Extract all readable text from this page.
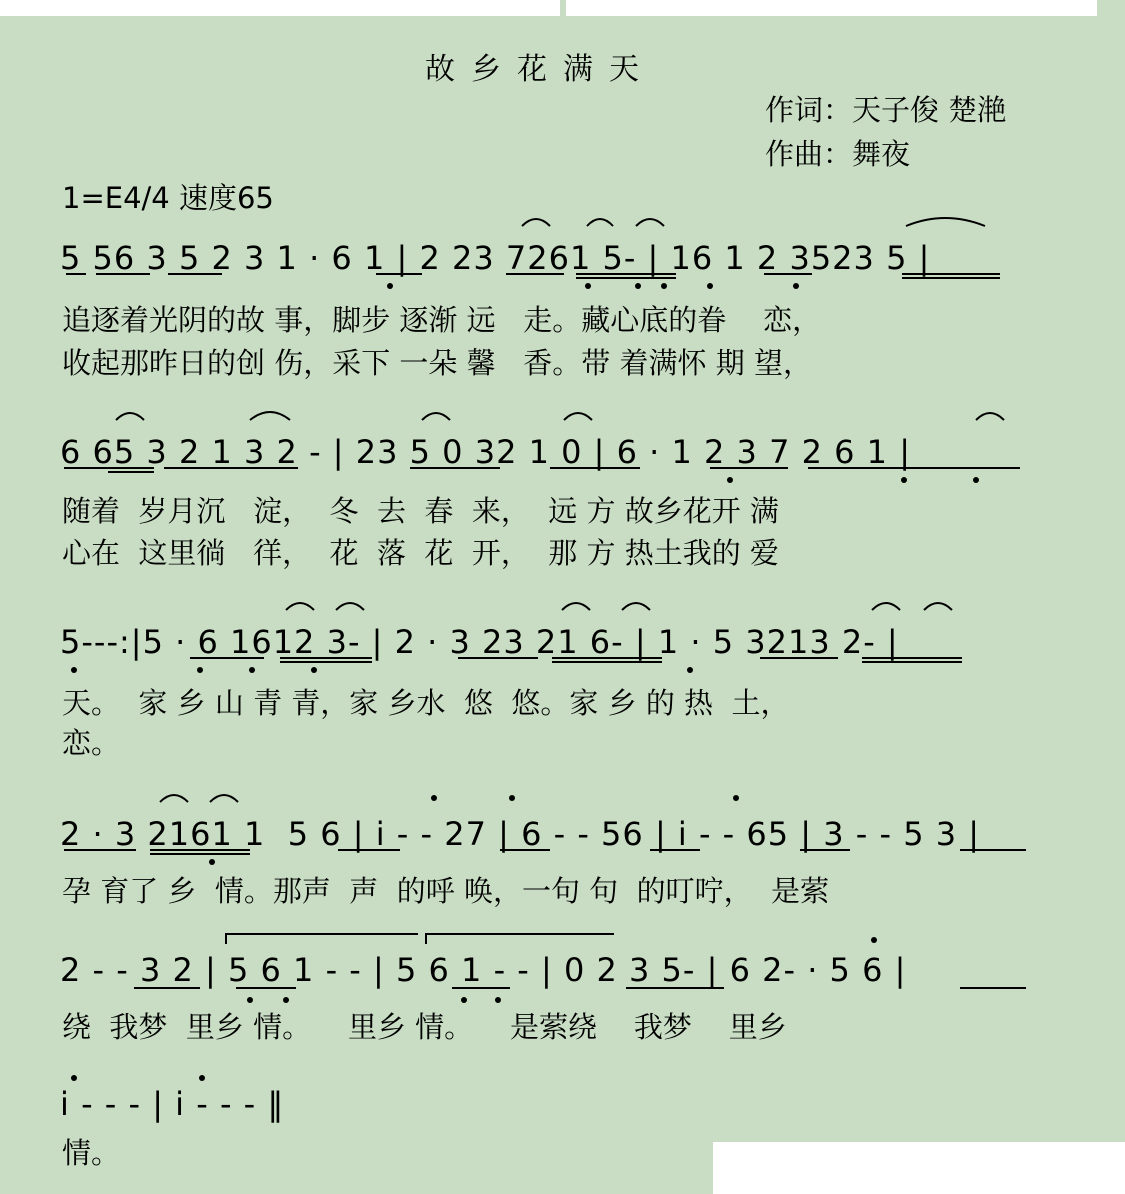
故乡花满天
作词：天子俊 楚滟
作曲：舞夜
1=E4/4 速度65
5 56 3 5 2 3 1 · 6 1 | 2 23 7261 5- | 16 1 2 3523 5 |
追逐着光阴的故 事，脚步 逐渐 远   走。藏心底的眷    恋，
收起那昨日的创 伤，采下 一朵 馨   香。带 着满怀 期 望，
6 65 3 2 1 3 2 - | 23 5 0 32 1 0 | 6 · 1 2 3 7 2 6 1 |
随着  岁月沉   淀，  冬  去  春  来，  远 方 故乡花开 满
心在  这里徜   徉，  花  落  花  开，  那 方 热土我的 爱
5---:|5 · 6 1612 3- | 2 · 3 23 21 6- | 1 · 5 3213 2- |
天。  家 乡 山 青 青，家 乡水  悠  悠。家 乡 的 热  土，
恋。
2 · 3 2161 1  5 6 | i - - 27 | 6 - - 56 | i - - 65 | 3 - - 5 3 |
孕 育了 乡  情。那声  声  的呼 唤，一句 句  的叮咛，  是萦
2 - - 3 2 | 5 6 1 - - | 5 6 1 - - | 0 2 3 5- | 6 2- · 5 6 |
绕  我梦  里乡 情。    里乡 情。    是萦绕    我梦    里乡
i - - - | i - - - ‖
情。
